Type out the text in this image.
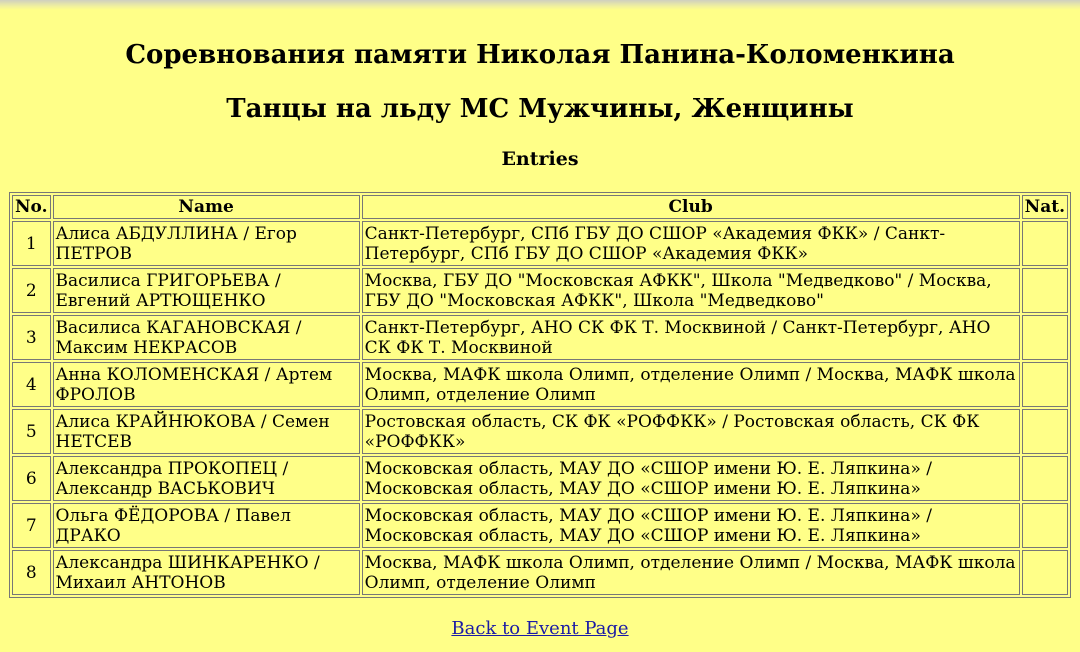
Соревнования памяти Николая Панина-Коломенкина
Танцы на льду МС Мужчины, Женщины
Entries
No.	Name	Club	Nat.
1	Алиса АБДУЛЛИНА / Егор ПЕТРОВ	Санкт-Петербург, СПб ГБУ ДО СШОР «Академия ФКК» / Санкт-Петербург, СПб ГБУ ДО СШОР «Академия ФКК»	
2	Василиса ГРИГОРЬЕВА / Евгений АРТЮЩЕНКО	Москва, ГБУ ДО "Московская АФКК", Школа "Медведково" / Москва, ГБУ ДО "Московская АФКК", Школа "Медведково"	
3	Василиса КАГАНОВСКАЯ / Максим НЕКРАСОВ	Санкт-Петербург, АНО СК ФК Т. Москвиной / Санкт-Петербург, АНО СК ФК Т. Москвиной	
4	Анна КОЛОМЕНСКАЯ / Артем ФРОЛОВ	Москва, МАФК школа Олимп, отделение Олимп / Москва, МАФК школа Олимп, отделение Олимп	
5	Алиса КРАЙНЮКОВА / Семен НЕТСЕВ	Ростовская область, СК ФК «РОФФКК» / Ростовская область, СК ФК «РОФФКК»	
6	Александра ПРОКОПЕЦ / Александр ВАСЬКОВИЧ	Московская область, МАУ ДО «СШОР имени Ю. Е. Ляпкина» / Московская область, МАУ ДО «СШОР имени Ю. Е. Ляпкина»	
7	Ольга ФЁДОРОВА / Павел ДРАКО	Московская область, МАУ ДО «СШОР имени Ю. Е. Ляпкина» / Московская область, МАУ ДО «СШОР имени Ю. Е. Ляпкина»	
8	Александра ШИНКАРЕНКО / Михаил АНТОНОВ	Москва, МАФК школа Олимп, отделение Олимп / Москва, МАФК школа Олимп, отделение Олимп	
Back to Event Page
